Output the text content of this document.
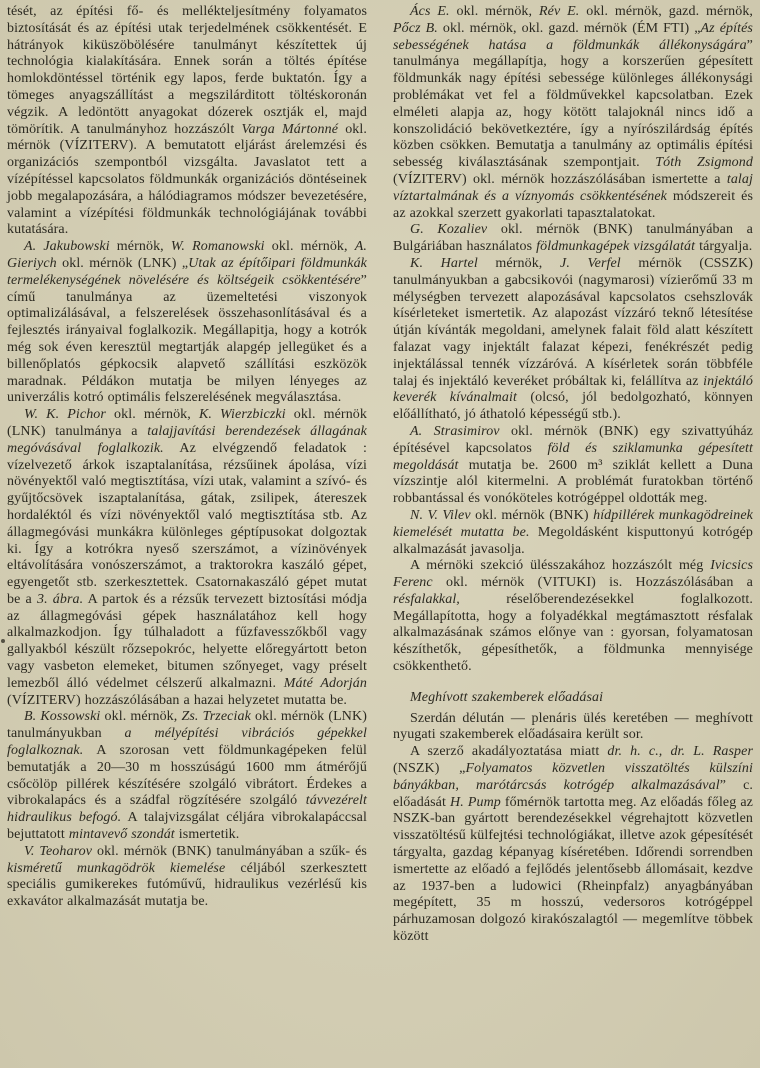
tését, az építési fő- és mellékteljesítmény folyamatos biztosítását és az építési utak terjedelmének csökkentését. E hátrányok kiküszöbölésére tanulmányt készítettek új technológia kialakítására. Ennek során a töltés építése homlokdöntéssel történik egy lapos, ferde buktatón. Így a tömeges anyagszállítást a megszilárditott töltéskoronán végzik. A ledöntött anyagokat dózerek osztják el, majd tömörítik. A tanulmányhoz hozzászólt Varga Mártonné okl. mérnök (VÍZITERV). A bemutatott eljárást árelemzési és organizációs szempontból vizsgálta. Javaslatot tett a vízépítéssel kapcsolatos földmunkák organizációs döntéseinek jobb megalapozására, a hálódiagramos módszer bevezetésére, valamint a vízépítési földmunkák technológiájának további kutatására.

A. Jakubowski mérnök, W. Romanowski okl. mérnök, A. Gieriych okl. mérnök (LNK) „Utak az építőipari földmunkák termelékenységének növelésére és költségeik csökkentésére” című tanulmánya az üzemeltetési viszonyok optimalizálásával, a felszerelések összehasonlításával és a fejlesztés irányaival foglalkozik. Megállapitja, hogy a kotrók még sok éven keresztül megtartják alapgép jellegüket és a billenőplatós gépkocsik alapvető szállítási eszközök maradnak. Példákon mutatja be milyen lényeges az univerzális kotró optimális felszerelésének megválasztása.

W. K. Pichor okl. mérnök, K. Wierzbiczki okl. mérnök (LNK) tanulmánya a talajjavítási berendezések állagának megóvásával foglalkozik. Az elvégzendő feladatok : vízelvezető árkok iszaptalanítása, rézsűinek ápolása, vízi növényektől való megtisztítása, vízi utak, valamint a szívó- és gyűjtőcsövek iszaptalanítása, gátak, zsilipek, átereszek hordaléktól és vízi növényektől való megtisztítása stb. Az állagmegóvási munkákra különleges géptípusokat dolgoztak ki. Így a kotrókra nyeső szerszámot, a vízinövények eltávolítására vonószerszámot, a traktorokra kaszáló gépet, egyengetőt stb. szerkesztettek. Csatornakaszáló gépet mutat be a 3. ábra. A partok és a rézsűk tervezett biztosítási módja az állagmegóvási gépek használatához kell hogy alkalmazkodjon. Így túlhaladott a fűzfavesszőkből vagy gallyakból készült rőzsepokróc, helyette előregyártott beton vagy vasbeton elemeket, bitumen szőnyeget, vagy préselt lemezből álló védelmet célszerű alkalmazni. Máté Adorján (VÍZITERV) hozzászólásában a hazai helyzetet mutatta be.

B. Kossowski okl. mérnök, Zs. Trzeciak okl. mérnök (LNK) tanulmányukban a mélyépítési vibrációs gépekkel foglalkoznak. A szorosan vett földmunkagépeken felül bemutatják a 20—30 m hosszúságú 1600 mm átmérőjű csőcölöp pillérek készítésére szolgáló vibrátort. Érdekes a vibrokalapács és a szádfal rögzítésére szolgáló távvezérelt hidraulikus befogó. A talajvizsgálat céljára vibrokalapáccsal bejuttatott mintavevő szondát ismertetik.

V. Teoharov okl. mérnök (BNK) tanulmányában a szűk- és kisméretű munkagödrök kiemelése céljából szerkesztett speciális gumikerekes futóművű, hidraulikus vezérlésű kis exkavátor alkalmazását mutatja be.

Ács E. okl. mérnök, Rév E. okl. mérnök, gazd. mérnök, Pőcz B. okl. mérnök, okl. gazd. mérnök (ÉM FTI) „Az építés sebességének hatása a földmunkák állékonyságára” tanulmánya megállapítja, hogy a korszerűen gépesített földmunkák nagy építési sebessége különleges állékonysági problémákat vet fel a földművekkel kapcsolatban. Ezek elméleti alapja az, hogy kötött talajoknál nincs idő a konszolidáció bekövetkeztére, így a nyírószilárdság építés közben csökken. Bemutatja a tanulmány az optimális építési sebesség kiválasztásának szempontjait. Tóth Zsigmond (VÍZITERV) okl. mérnök hozzászólásában ismertette a talaj víztartalmának és a víznyomás csökkentésének módszereit és az azokkal szerzett gyakorlati tapasztalatokat.

G. Kozaliev okl. mérnök (BNK) tanulmányában a Bulgáriában használatos földmunkagépek vizsgálatát tárgyalja.

K. Hartel mérnök, J. Verfel mérnök (CSSZK) tanulmányukban a gabcsikovói (nagymarosi) vízierőmű 33 m mélységben tervezett alapozásával kapcsolatos csehszlovák kísérleteket ismertetik. Az alapozást vízzáró teknő létesítése útján kívánták megoldani, amelynek falait föld alatt készített falazat vagy injektált falazat képezi, fenékrészét pedig injektálással tennék vízzáróvá. A kísérletek során többféle talaj és injektáló keveréket próbáltak ki, felállítva az injektáló keverék kívánalmait (olcsó, jól bedolgozható, könnyen előállítható, jó áthatoló képességű stb.).

A. Strasimirov okl. mérnök (BNK) egy szivattyúház építésével kapcsolatos föld és sziklamunka gépesített megoldását mutatja be. 2600 m³ sziklát kellett a Duna vízszintje alól kitermelni. A problémát furatokban történő robbantással és vonóköteles kotrógéppel oldották meg.

N. V. Vilev okl. mérnök (BNK) hídpillérek munkagödreinek kiemelését mutatta be. Megoldásként kisputtonyú kotrógép alkalmazását javasolja.

A mérnöki szekció ülésszakához hozzászólt még Ivicsics Ferenc okl. mérnök (VITUKI) is. Hozzászólásában a résfalakkal, réselőberendezésekkel foglalkozott. Megállapította, hogy a folyadékkal megtámasztott résfalak alkalmazásának számos előnye van : gyorsan, folyamatosan készíthetők, gépesíthetők, a földmunka mennyisége csökkenthető.

Meghívott szakemberek előadásai

Szerdán délután — plenáris ülés keretében — meghívott nyugati szakemberek előadásaira került sor.

A szerző akadályoztatása miatt dr. h. c., dr. L. Rasper (NSZK) „Folyamatos közvetlen visszatöltés külszíni bányákban, marótárcsás kotrógép alkalmazásával” c. előadását H. Pump főmérnök tartotta meg. Az előadás főleg az NSZK-ban gyártott berendezésekkel végrehajtott közvetlen visszatöltésű külfejtési technológiákat, illetve azok gépesítését tárgyalta, gazdag képanyag kíséretében. Időrendi sorrendben ismertette az előadó a fejlődés jelentősebb állomásait, kezdve az 1937-ben a ludowici (Rheinpfalz) anyagbányában megépített, 35 m hosszú, vedersoros kotrógéppel párhuzamosan dolgozó kirakószalagtól — megemlítve többek között
